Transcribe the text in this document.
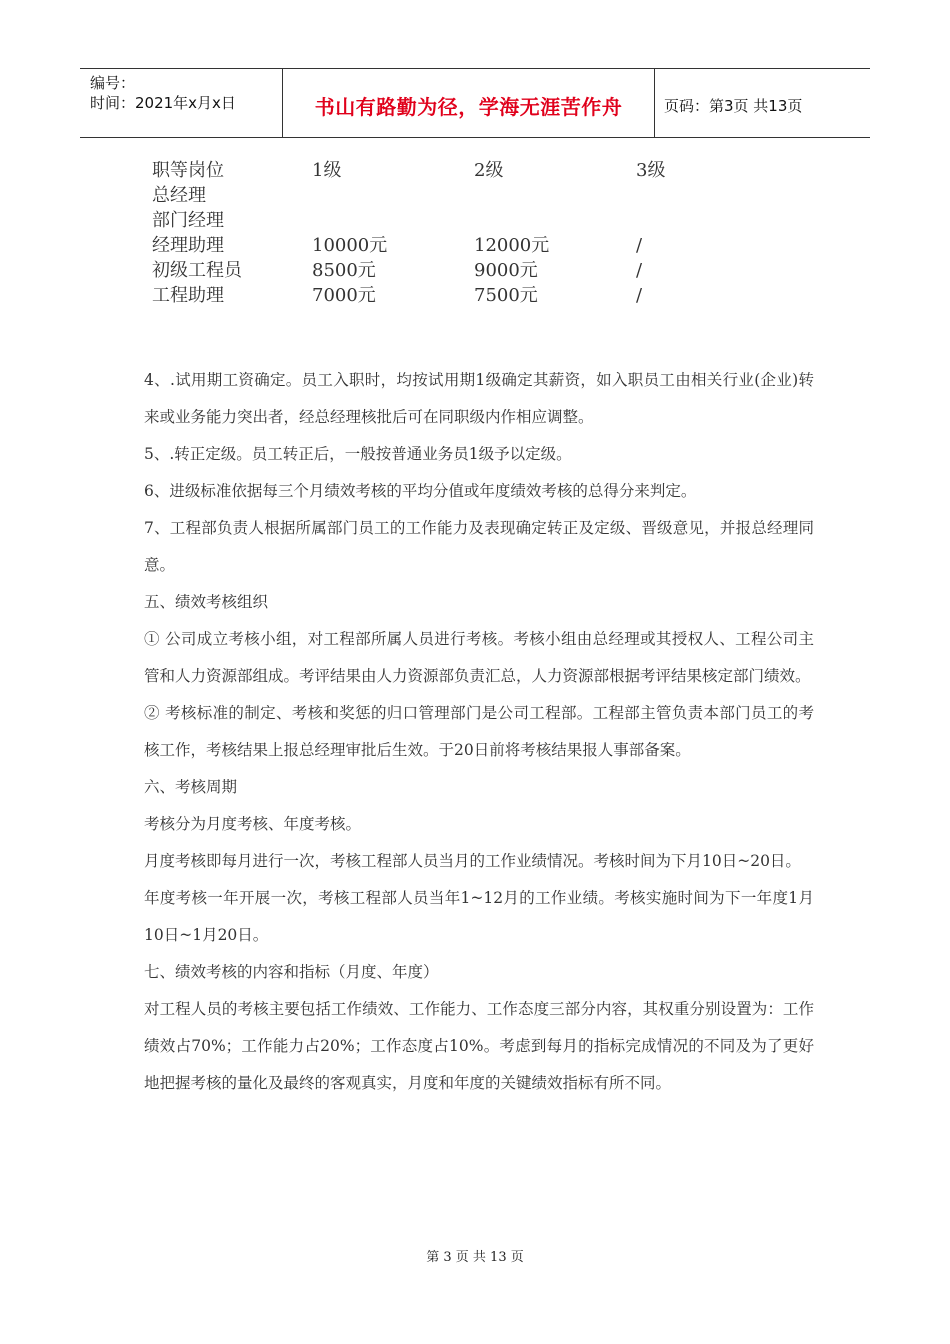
编号：
时间：2021年x月x日	书山有路勤为径，学海无涯苦作舟	页码：第3页 共13页
职等岗位	1级	2级	3级
总经理
部门经理
经理助理	10000元	12000元	/
初级工程员	8500元	9000元	/
工程助理	7000元	7500元	/

4、.试用期工资确定。员工入职时，均按试用期1级确定其薪资，如入职员工由相关行业(企业)转来或业务能力突出者，经总经理核批后可在同职级内作相应调整。

5、.转正定级。员工转正后，一般按普通业务员1级予以定级。

6、进级标准依据每三个月绩效考核的平均分值或年度绩效考核的总得分来判定。

7、工程部负责人根据所属部门员工的工作能力及表现确定转正及定级、晋级意见，并报总经理同意。

五、绩效考核组织

① 公司成立考核小组，对工程部所属人员进行考核。考核小组由总经理或其授权人、工程公司主管和人力资源部组成。考评结果由人力资源部负责汇总，人力资源部根据考评结果核定部门绩效。

② 考核标准的制定、考核和奖惩的归口管理部门是公司工程部。工程部主管负责本部门员工的考核工作，考核结果上报总经理审批后生效。于20日前将考核结果报人事部备案。

六、考核周期

考核分为月度考核、年度考核。

月度考核即每月进行一次，考核工程部人员当月的工作业绩情况。考核时间为下月10日~20日。

年度考核一年开展一次，考核工程部人员当年1~12月的工作业绩。考核实施时间为下一年度1月10日~1月20日。

七、绩效考核的内容和指标（月度、年度）

对工程人员的考核主要包括工作绩效、工作能力、工作态度三部分内容，其权重分别设置为：工作绩效占70%；工作能力占20%；工作态度占10%。考虑到每月的指标完成情况的不同及为了更好地把握考核的量化及最终的客观真实，月度和年度的关键绩效指标有所不同。

第 3 页 共 13 页
